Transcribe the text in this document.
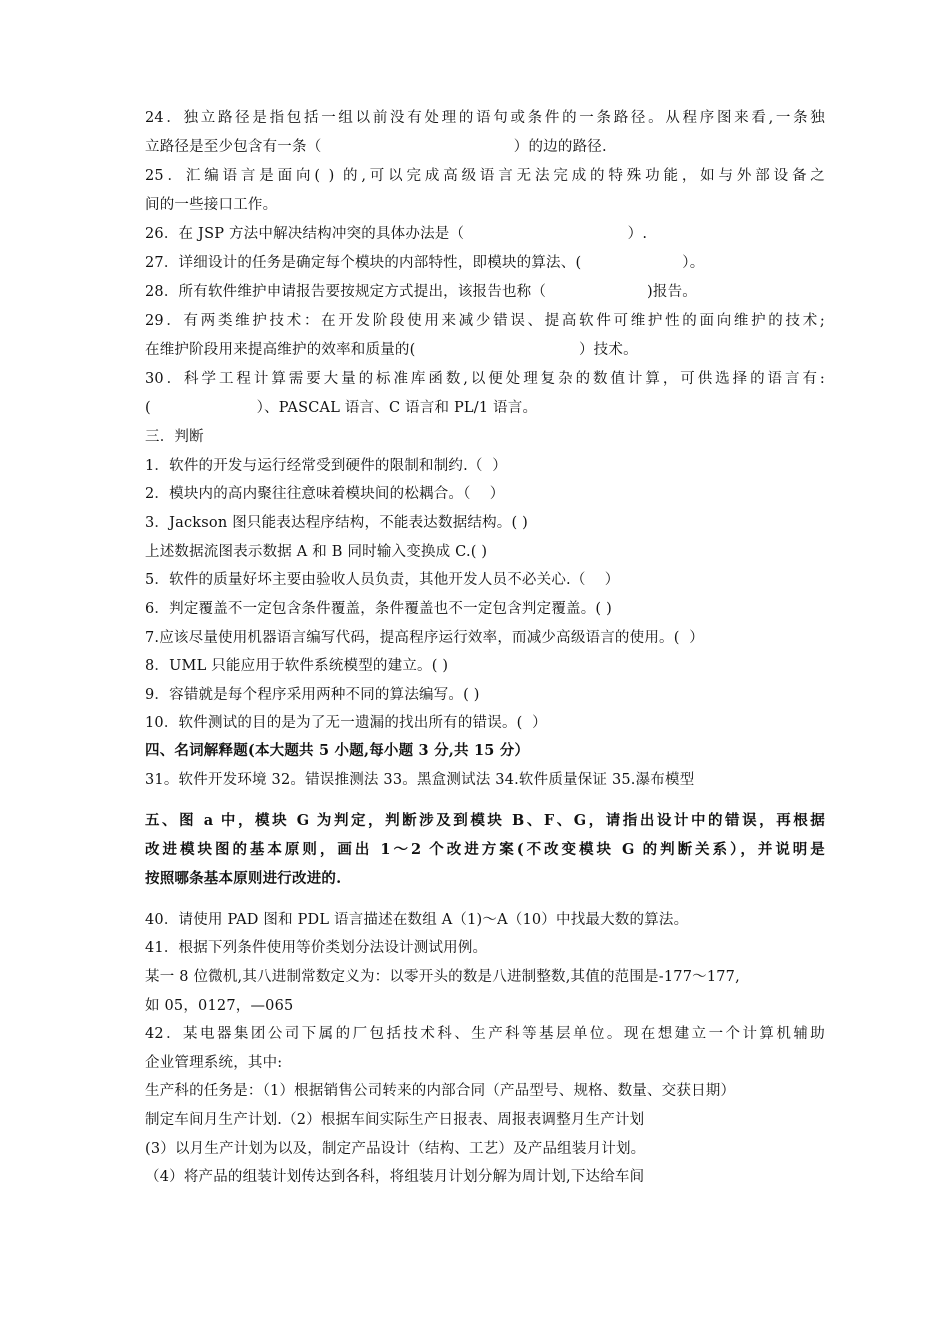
24．独立路径是指包括一组以前没有处理的语句或条件的一条路径。从程序图来看,一条独
立路径是至少包含有一条（                                        ）的边的路径.
25．汇编语言是面向( ) 的,可以完成高级语言无法完成的特殊功能，如与外部设备之
间的一些接口工作。
26．在 JSP 方法中解决结构冲突的具体办法是（                                  ）.
27．详细设计的任务是确定每个模块的内部特性，即模块的算法、(                     ）。
28．所有软件维护申请报告要按规定方式提出，该报告也称（                     )报告。
29．有两类维护技术：在开发阶段使用来减少错误、提高软件可维护性的面向维护的技术;
在维护阶段用来提高维护的效率和质量的(                                  ）技术。
30．科学工程计算需要大量的标准库函数,以便处理复杂的数值计算，可供选择的语言有:
(                      ）、PASCAL 语言、C 语言和 PL/1 语言。
三．判断
1．软件的开发与运行经常受到硬件的限制和制约.（  ）
2．模块内的高内聚往往意味着模块间的松耦合。（    ）
3．Jackson 图只能表达程序结构，不能表达数据结构。( )
上述数据流图表示数据 A 和 B 同时输入变换成 C.( )
5．软件的质量好坏主要由验收人员负责，其他开发人员不必关心.（    ）
6．判定覆盖不一定包含条件覆盖，条件覆盖也不一定包含判定覆盖。( )
7.应该尽量使用机器语言编写代码，提高程序运行效率，而减少高级语言的使用。(  ）
8．UML 只能应用于软件系统模型的建立。( )
9．容错就是每个程序采用两种不同的算法编写。( )
10．软件测试的目的是为了无一遗漏的找出所有的错误。(  ）
四、名词解释题(本大题共 5 小题,每小题 3 分,共 15 分）
31。软件开发环境 32。错误推测法 33。黑盒测试法 34.软件质量保证 35.瀑布模型
五、图 a 中，模块 G 为判定，判断涉及到模块 B、F、G，请指出设计中的错误，再根据
改进模块图的基本原则，画出 1～2 个改进方案(不改变模块 G 的判断关系），并说明是
按照哪条基本原则进行改进的.
40．请使用 PAD 图和 PDL 语言描述在数组 A（1)～A（10）中找最大数的算法。
41．根据下列条件使用等价类划分法设计测试用例。
某一 8 位微机,其八进制常数定义为：以零开头的数是八进制整数,其值的范围是-177～177,
如 05，0127，—065
42．某电器集团公司下属的厂包括技术科、生产科等基层单位。现在想建立一个计算机辅助
企业管理系统，其中:
生产科的任务是：（1）根据销售公司转来的内部合同（产品型号、规格、数量、交获日期）
制定车间月生产计划.（2）根据车间实际生产日报表、周报表调整月生产计划
(3）以月生产计划为以及，制定产品设计（结构、工艺）及产品组装月计划。
（4）将产品的组装计划传达到各科，将组装月计划分解为周计划,下达给车间
